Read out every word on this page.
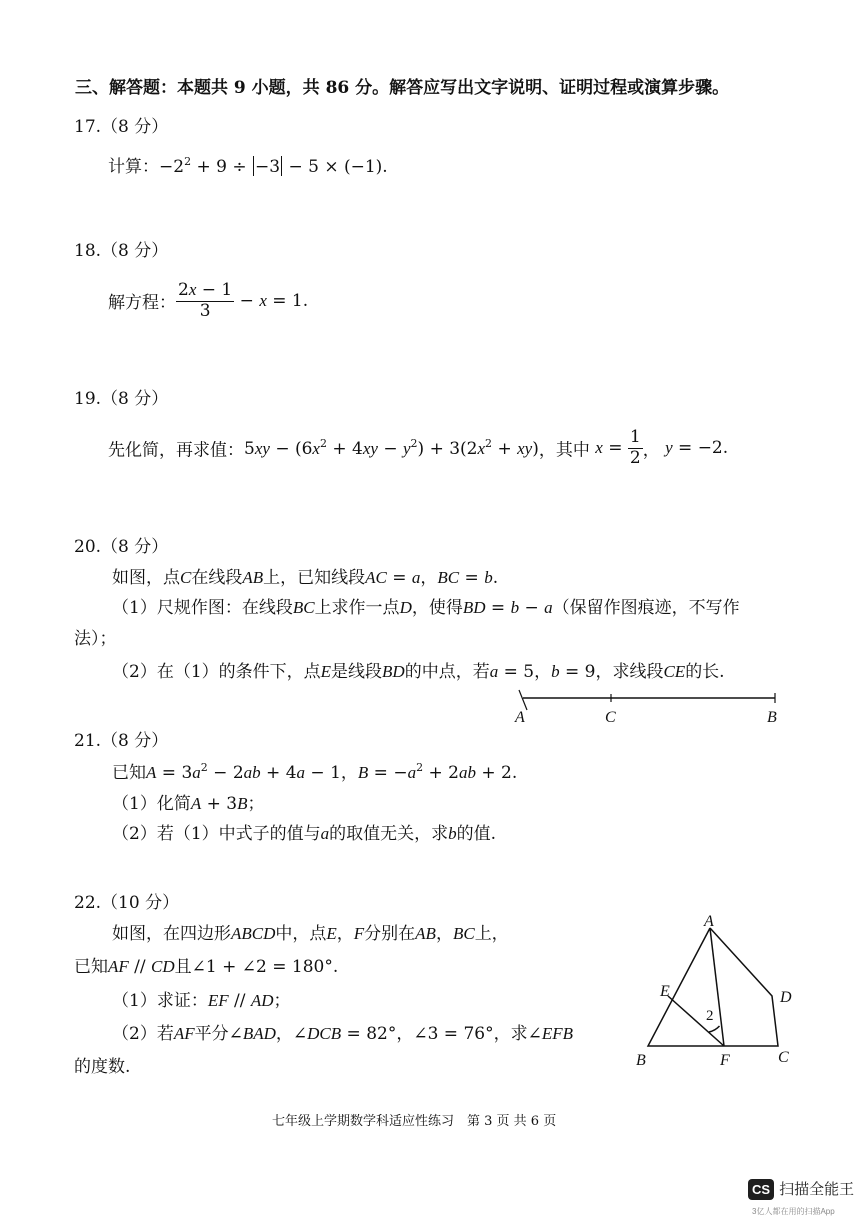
三、解答题：本题共 9 小题，共 86 分。解答应写出文字说明、证明过程或演算步骤。
17.（8 分）
计算：$-2^2 + 9 \div -3 - 5 \times (-1)$.
18.（8 分）
解方程： $\frac{2x - 1}{3} - x = 1$.
19.（8 分）
先化简，再求值：$5xy - (6x^2 + 4xy - y^2) + 3(2x^2 + xy)$，其中 $x = \frac{1}{2}$ ， y = −2.
20.（8 分）
如图，点C在线段AB上，已知线段AC = a，BC = b.
（1）尺规作图：在线段BC上求作一点D，使得BD = b − a（保留作图痕迹，不写作
法）；
（2）在（1）的条件下，点E是线段BD的中点，若a = 5，b = 9，求线段CE的长.
A	C	B
21.（8 分）
已知$A = 3a^2 - 2ab + 4a - 1$，$B = -a^2 + 2ab + 2$.
（1）化简A + 3B；
（2）若（1）中式子的值与a的取值无关，求b的值.
22.（10 分）
如图，在四边形ABCD中，点E，F分别在AB，BC上，
已知AF // CD且∠1 + ∠2 = 180°.
（1）求证：EF // AD；
（2）若AF平分∠BAD，∠DCB = 82°，∠3 = 76°，求∠EFB
的度数.
A
B	C
D
E
F
2
七年级上学期数学科适应性练习　第 3 页 共 6 页
CS 扫描全能王
3亿人都在用的扫描App
